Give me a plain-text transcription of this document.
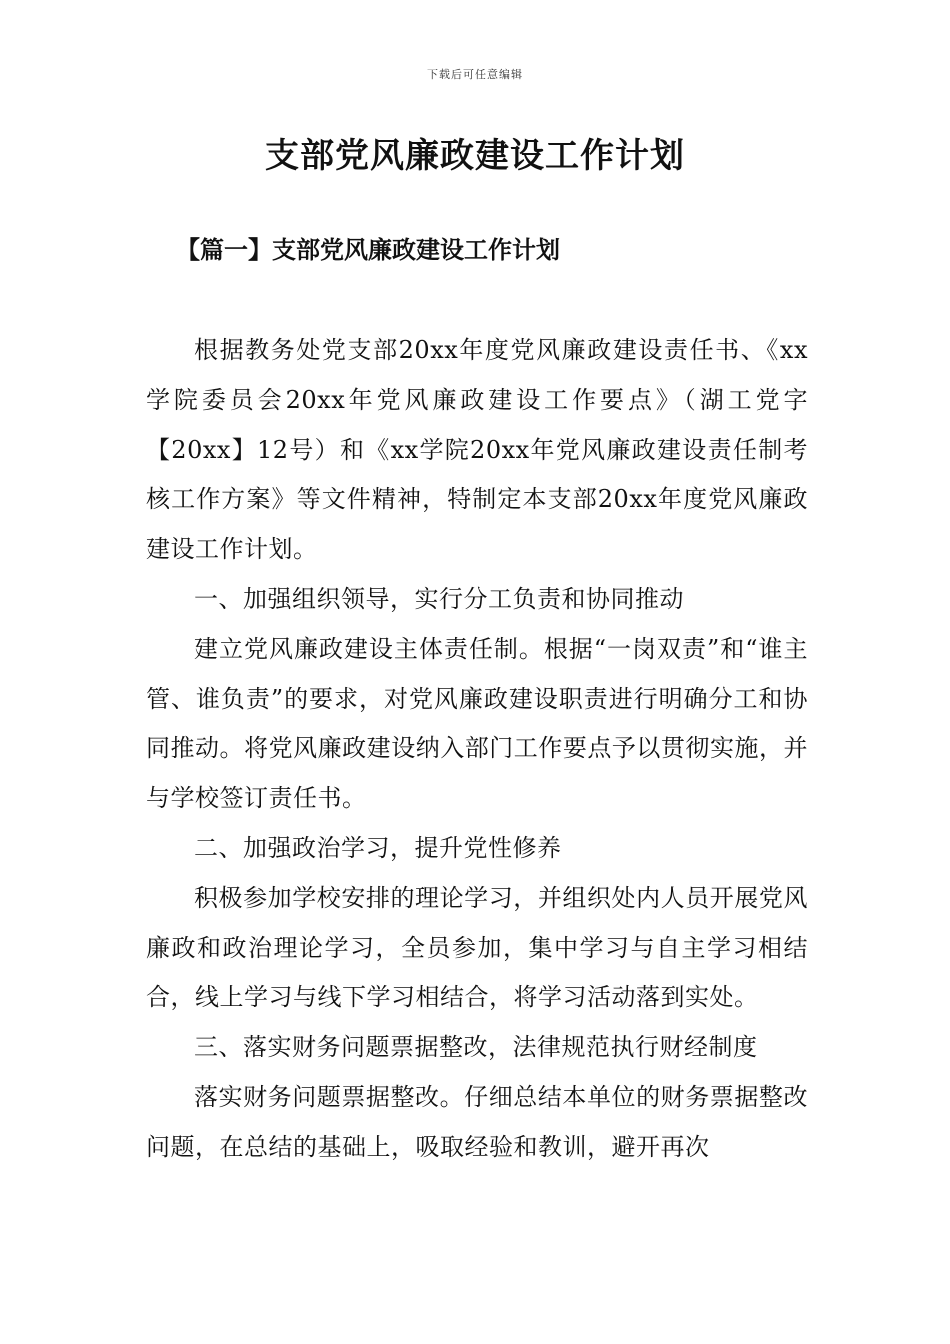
下载后可任意编辑
支部党风廉政建设工作计划
【篇一】支部党风廉政建设工作计划

根据教务处党支部20xx年度党风廉政建设责任书、《xx学院委员会20xx年党风廉政建设工作要点》（湖工党字【20xx】12号）和《xx学院20xx年党风廉政建设责任制考核工作方案》等文件精神，特制定本支部20xx年度党风廉政建设工作计划。

一、加强组织领导，实行分工负责和协同推动

建立党风廉政建设主体责任制。根据“一岗双责”和“谁主管、谁负责”的要求，对党风廉政建设职责进行明确分工和协同推动。将党风廉政建设纳入部门工作要点予以贯彻实施，并与学校签订责任书。

二、加强政治学习，提升党性修养

积极参加学校安排的理论学习，并组织处内人员开展党风廉政和政治理论学习，全员参加，集中学习与自主学习相结合，线上学习与线下学习相结合，将学习活动落到实处。

三、落实财务问题票据整改，法律规范执行财经制度

落实财务问题票据整改。仔细总结本单位的财务票据整改问题，在总结的基础上，吸取经验和教训，避开再次
